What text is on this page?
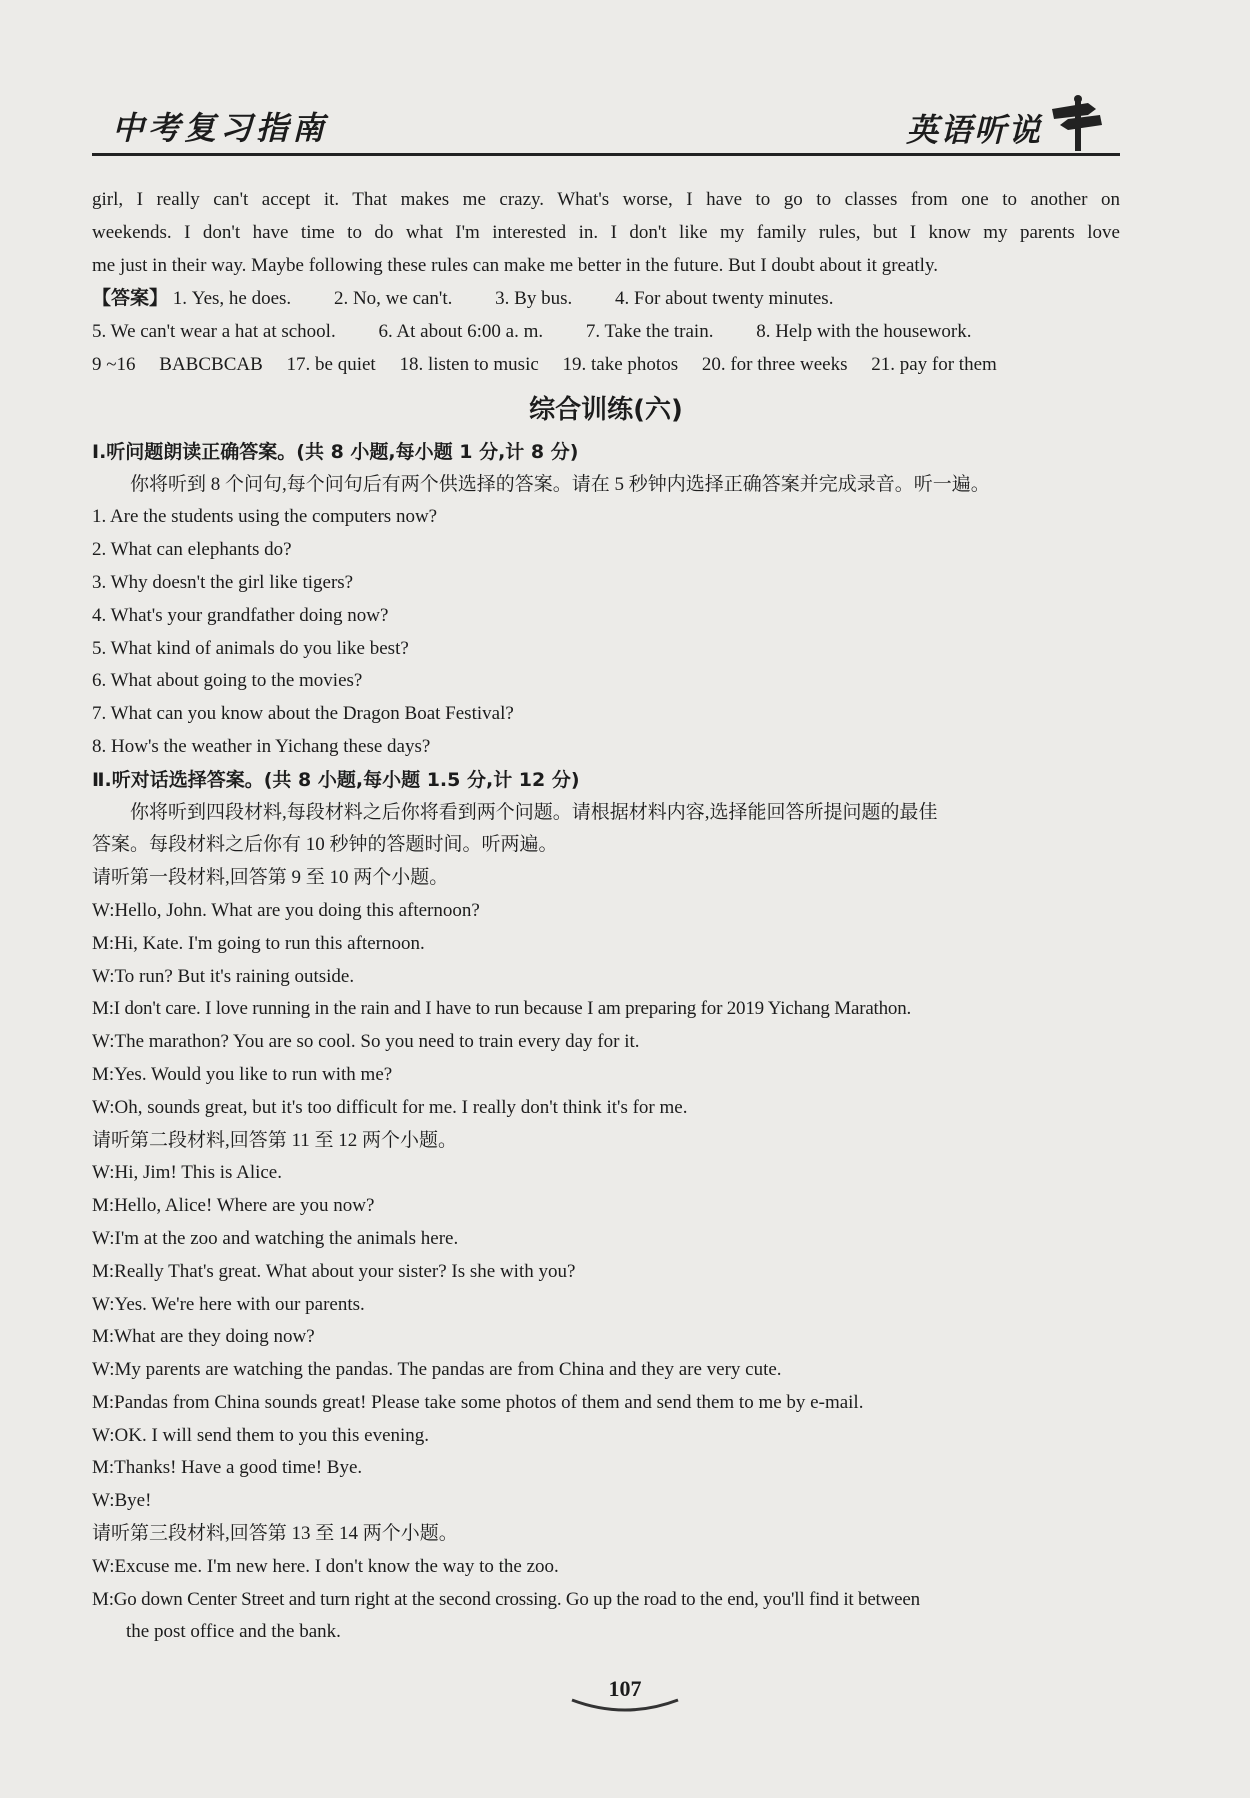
中考复习指南	英语听说
girl, I really can't accept it. That makes me crazy. What's worse, I have to go to classes from one to another on
weekends. I don't have time to do what I'm interested in. I don't like my family rules, but I know my parents love
me just in their way. Maybe following these rules can make me better in the future. But I doubt about it greatly.
【答案】 1. Yes, he does. 2. No, we can't. 3. By bus. 4. For about twenty minutes.
5. We can't wear a hat at school. 6. At about 6:00 a. m. 7. Take the train. 8. Help with the housework.
9 ~16 BABCBCAB 17. be quiet 18. listen to music 19. take photos 20. for three weeks 21. pay for them
综合训练(六)
Ⅰ.听问题朗读正确答案。(共 8 小题,每小题 1 分,计 8 分)
你将听到 8 个问句,每个问句后有两个供选择的答案。请在 5 秒钟内选择正确答案并完成录音。听一遍。
1. Are the students using the computers now?
2. What can elephants do?
3. Why doesn't the girl like tigers?
4. What's your grandfather doing now?
5. What kind of animals do you like best?
6. What about going to the movies?
7. What can you know about the Dragon Boat Festival?
8. How's the weather in Yichang these days?
Ⅱ.听对话选择答案。(共 8 小题,每小题 1.5 分,计 12 分)
你将听到四段材料,每段材料之后你将看到两个问题。请根据材料内容,选择能回答所提问题的最佳
答案。每段材料之后你有 10 秒钟的答题时间。听两遍。
请听第一段材料,回答第 9 至 10 两个小题。
W:Hello, John. What are you doing this afternoon?
M:Hi, Kate. I'm going to run this afternoon.
W:To run? But it's raining outside.
M:I don't care. I love running in the rain and I have to run because I am preparing for 2019 Yichang Marathon.
W:The marathon? You are so cool. So you need to train every day for it.
M:Yes. Would you like to run with me?
W:Oh, sounds great, but it's too difficult for me. I really don't think it's for me.
请听第二段材料,回答第 11 至 12 两个小题。
W:Hi, Jim! This is Alice.
M:Hello, Alice! Where are you now?
W:I'm at the zoo and watching the animals here.
M:Really That's great. What about your sister? Is she with you?
W:Yes. We're here with our parents.
M:What are they doing now?
W:My parents are watching the pandas. The pandas are from China and they are very cute.
M:Pandas from China sounds great! Please take some photos of them and send them to me by e-mail.
W:OK. I will send them to you this evening.
M:Thanks! Have a good time! Bye.
W:Bye!
请听第三段材料,回答第 13 至 14 两个小题。
W:Excuse me. I'm new here. I don't know the way to the zoo.
M:Go down Center Street and turn right at the second crossing. Go up the road to the end, you'll find it between
the post office and the bank.
107
